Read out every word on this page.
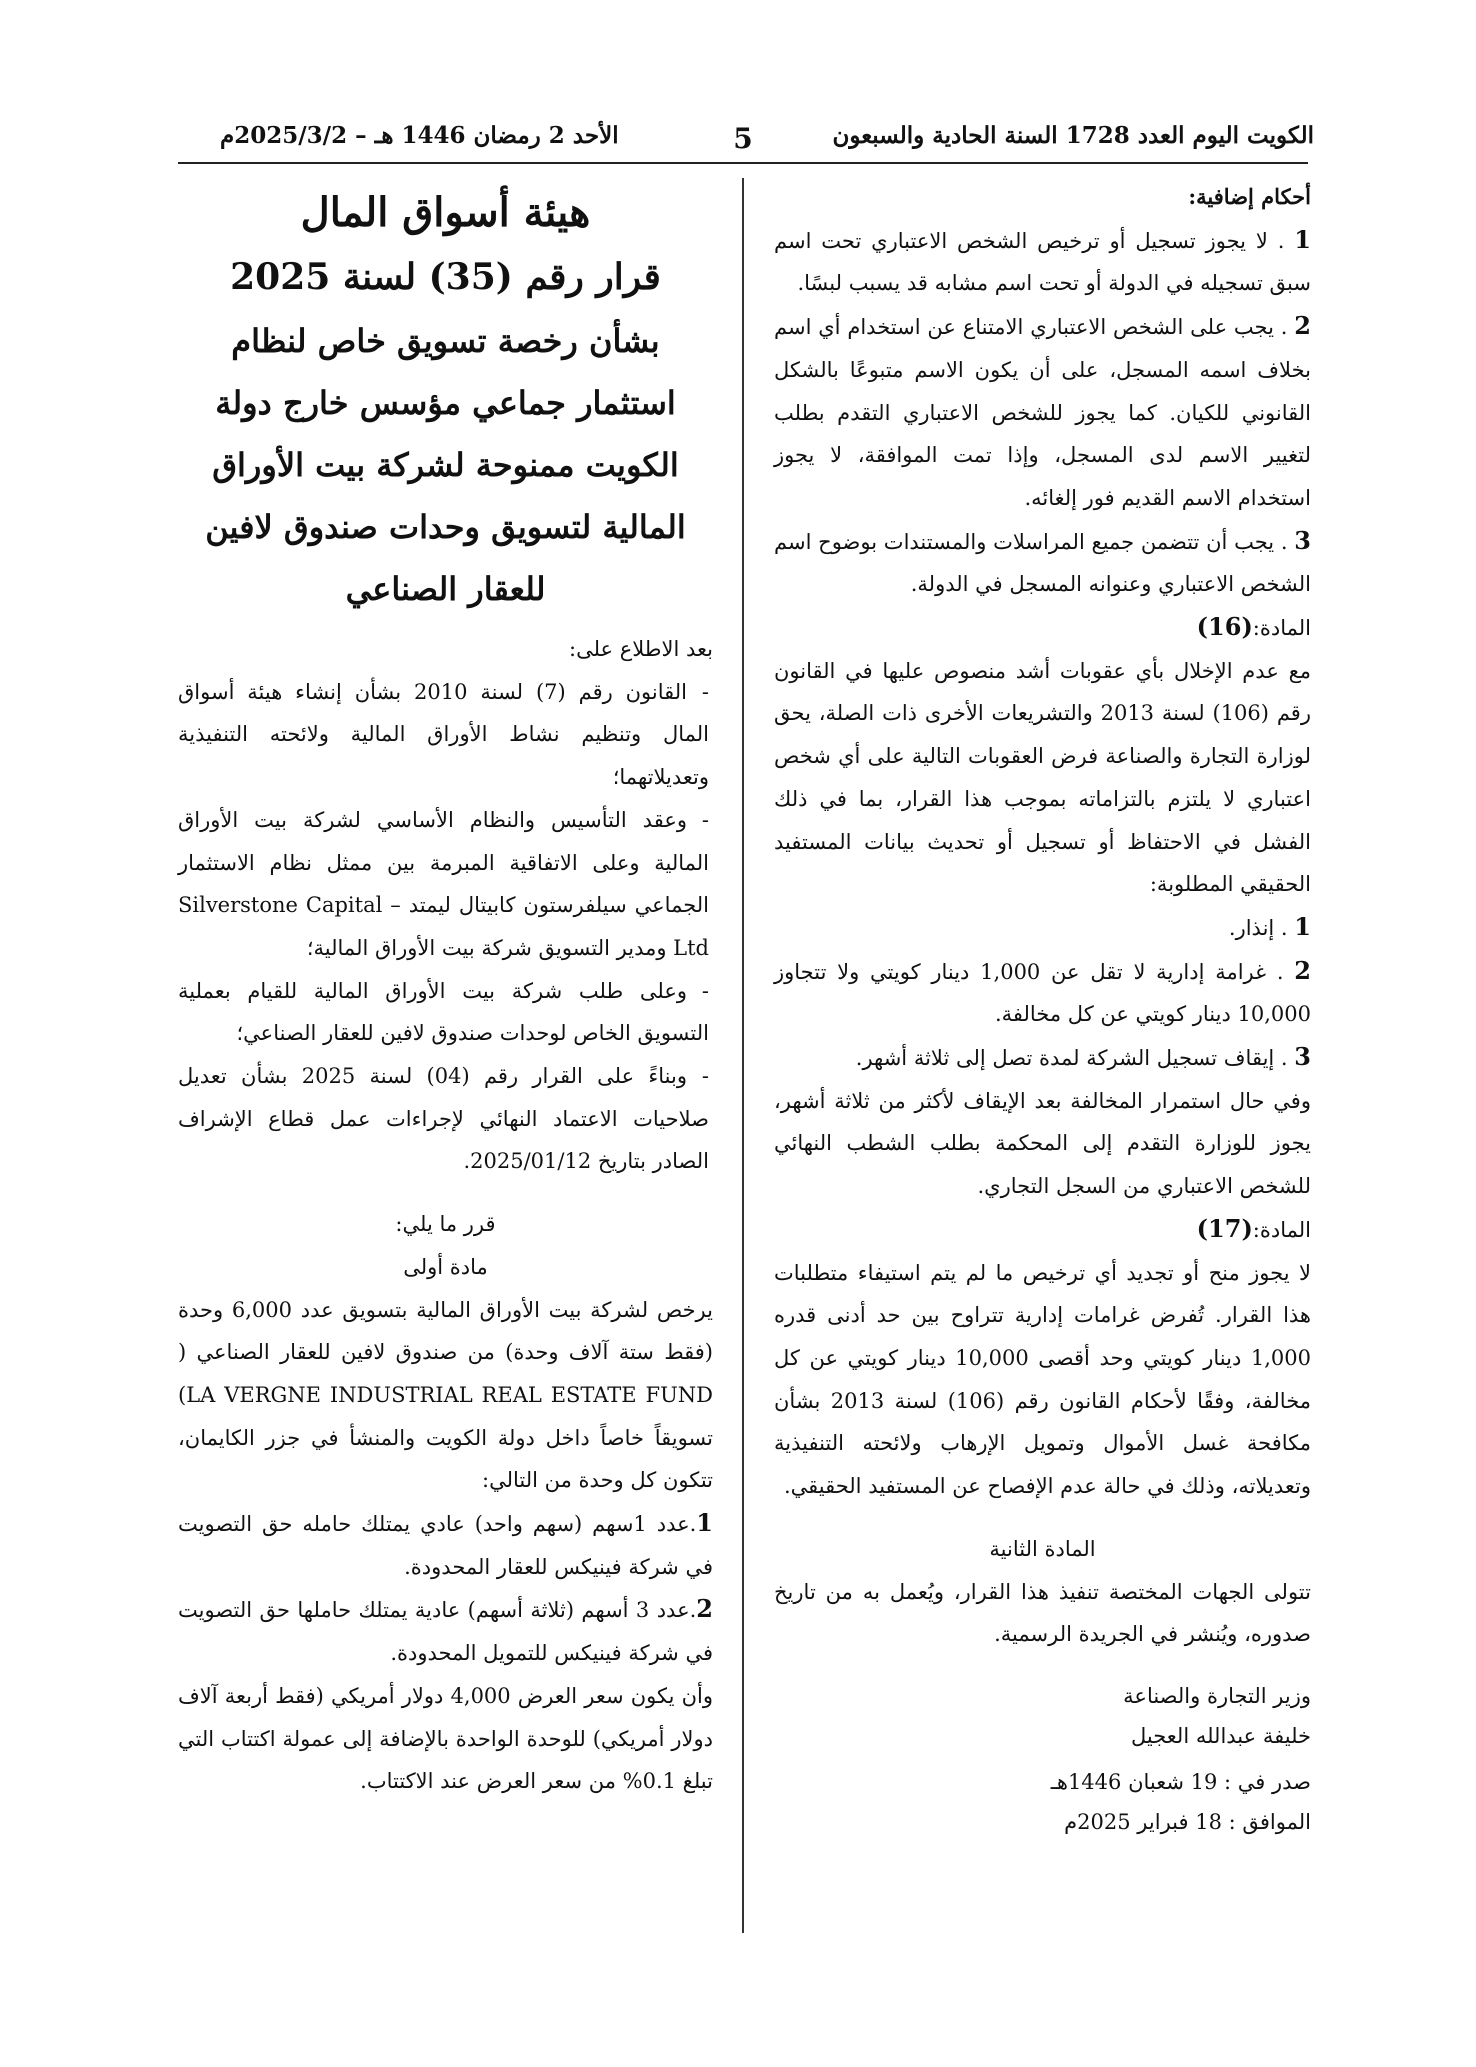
الكويت اليوم العدد 1728 السنة الحادية والسبعون
5
الأحد 2 رمضان 1446 هـ – 2025/3/2م

أحكام إضافية:

1 . لا يجوز تسجيل أو ترخيص الشخص الاعتباري تحت اسم سبق تسجيله في الدولة أو تحت اسم مشابه قد يسبب لبسًا.

2 . يجب على الشخص الاعتباري الامتناع عن استخدام أي اسم بخلاف اسمه المسجل، على أن يكون الاسم متبوعًا بالشكل القانوني للكيان. كما يجوز للشخص الاعتباري التقدم بطلب لتغيير الاسم لدى المسجل، وإذا تمت الموافقة، لا يجوز استخدام الاسم القديم فور إلغائه.

3 . يجب أن تتضمن جميع المراسلات والمستندات بوضوح اسم الشخص الاعتباري وعنوانه المسجل في الدولة.

المادة:(16)

مع عدم الإخلال بأي عقوبات أشد منصوص عليها في القانون رقم (106) لسنة 2013 والتشريعات الأخرى ذات الصلة، يحق لوزارة التجارة والصناعة فرض العقوبات التالية على أي شخص اعتباري لا يلتزم بالتزاماته بموجب هذا القرار، بما في ذلك الفشل في الاحتفاظ أو تسجيل أو تحديث بيانات المستفيد الحقيقي المطلوبة:

1 . إنذار.

2 . غرامة إدارية لا تقل عن 1,000 دينار كويتي ولا تتجاوز 10,000 دينار كويتي عن كل مخالفة.

3 . إيقاف تسجيل الشركة لمدة تصل إلى ثلاثة أشهر.

وفي حال استمرار المخالفة بعد الإيقاف لأكثر من ثلاثة أشهر، يجوز للوزارة التقدم إلى المحكمة بطلب الشطب النهائي للشخص الاعتباري من السجل التجاري.

المادة:(17)

لا يجوز منح أو تجديد أي ترخيص ما لم يتم استيفاء متطلبات هذا القرار. تُفرض غرامات إدارية تتراوح بين حد أدنى قدره 1,000 دينار كويتي وحد أقصى 10,000 دينار كويتي عن كل مخالفة، وفقًا لأحكام القانون رقم (106) لسنة 2013 بشأن مكافحة غسل الأموال وتمويل الإرهاب ولائحته التنفيذية وتعديلاته، وذلك في حالة عدم الإفصاح عن المستفيد الحقيقي.

المادة الثانية

تتولى الجهات المختصة تنفيذ هذا القرار، ويُعمل به من تاريخ صدوره، ويُنشر في الجريدة الرسمية.

وزير التجارة والصناعة

خليفة عبدالله العجيل

صدر في : 19 شعبان 1446هـ

الموافق : 18 فبراير 2025م

هيئة أسواق المال
قرار رقم (35) لسنة 2025
بشأن رخصة تسويق خاص لنظام استثمار جماعي مؤسس خارج دولة الكويت ممنوحة لشركة بيت الأوراق المالية لتسويق وحدات صندوق لافين للعقار الصناعي

بعد الاطلاع على:

-القانون رقم (7) لسنة 2010 بشأن إنشاء هيئة أسواق المال وتنظيم نشاط الأوراق المالية ولائحته التنفيذية وتعديلاتهما؛

-وعقد التأسيس والنظام الأساسي لشركة بيت الأوراق المالية وعلى الاتفاقية المبرمة بين ممثل نظام الاستثمار الجماعي سيلفرستون كابيتال ليمتد – Silverstone Capital Ltd ومدير التسويق شركة بيت الأوراق المالية؛

-وعلى طلب شركة بيت الأوراق المالية للقيام بعملية التسويق الخاص لوحدات صندوق لافين للعقار الصناعي؛

-وبناءً على القرار رقم (04) لسنة 2025 بشأن تعديل صلاحيات الاعتماد النهائي لإجراءات عمل قطاع الإشراف الصادر بتاريخ 2025/01/12.

قرر ما يلي:

مادة أولى

يرخص لشركة بيت الأوراق المالية بتسويق عدد 6,000 وحدة (فقط ستة آلاف وحدة) من صندوق لافين للعقار الصناعي ( LA VERGNE INDUSTRIAL REAL ESTATE FUND) تسويقاً خاصاً داخل دولة الكويت والمنشأ في جزر الكايمان، تتكون كل وحدة من التالي:

1.عدد 1سهم (سهم واحد) عادي يمتلك حامله حق التصويت في شركة فينيكس للعقار المحدودة.

2.عدد 3 أسهم (ثلاثة أسهم) عادية يمتلك حاملها حق التصويت في شركة فينيكس للتمويل المحدودة.

وأن يكون سعر العرض 4,000 دولار أمريكي (فقط أربعة آلاف دولار أمريكي) للوحدة الواحدة بالإضافة إلى عمولة اكتتاب التي تبلغ 0.1% من سعر العرض عند الاكتتاب.
